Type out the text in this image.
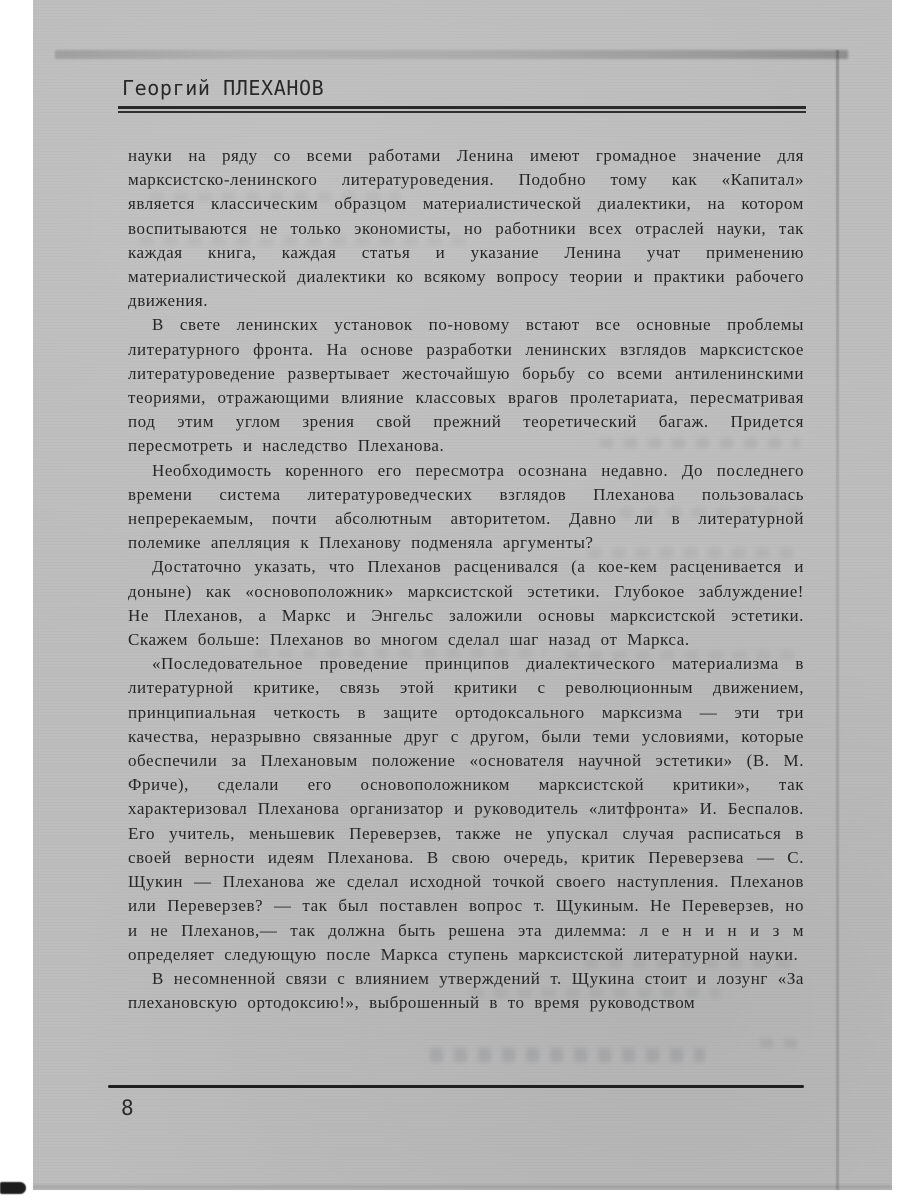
Георгий ПЛЕХАНОВ

науки на ряду со всеми работами Ленина имеют громадное значение для марксистско-ленинского литературоведения. Подобно тому как «Капитал» является классическим образцом материалистической диалектики, на котором воспитываются не только экономисты, но работники всех отраслей науки, так каждая книга, каждая статья и указание Ленина учат применению материалистической диалектики ко всякому вопросу теории и практики рабочего движения.

В свете ленинских установок по-новому встают все основные проблемы литературного фронта. На основе разработки ленинских взглядов марксистское литературоведение развертывает жесточайшую борьбу со всеми антиленинскими теориями, отражающими влияние классовых врагов пролетариата, пересматривая под этим углом зрения свой прежний теоретический багаж. Придется пересмотреть и наследство Плеханова.

Необходимость коренного его пересмотра осознана недавно. До последнего времени система литературоведческих взглядов Плеханова пользовалась непререкаемым, почти абсолютным авторитетом. Давно ли в литературной полемике апелляция к Плеханову подменяла аргументы?

Достаточно указать, что Плеханов расценивался (а кое-кем расценивается и доныне) как «основоположник» марксистской эстетики. Глубокое заблуждение! Не Плеханов, а Маркс и Энгельс заложили основы марксистской эстетики. Скажем больше: Плеханов во многом сделал шаг назад от Маркса.

«Последовательное проведение принципов диалектического материализма в литературной критике, связь этой критики с революционным движением, принципиальная четкость в защите ортодоксального марксизма — эти три качества, неразрывно связанные друг с другом, были теми условиями, которые обеспечили за Плехановым положение «основателя научной эстетики» (В. М. Фриче), сделали его основоположником марксистской критики», так характеризовал Плеханова организатор и руководитель «литфронта» И. Беспалов. Его учитель, меньшевик Переверзев, также не упускал случая расписаться в своей верности идеям Плеханова. В свою очередь, критик Переверзева — С. Щукин — Плеханова же сделал исходной точкой своего наступления. Плеханов или Переверзев? — так был поставлен вопрос т. Щукиным. Не Переверзев, но и не Плеханов,— так должна быть решена эта дилемма: л е н и н и з м определяет следующую после Маркса ступень марксистской литературной науки.

В несомненной связи с влиянием утверждений т. Щукина стоит и лозунг «За плехановскую ортодоксию!», выброшенный в то время руководством

8
